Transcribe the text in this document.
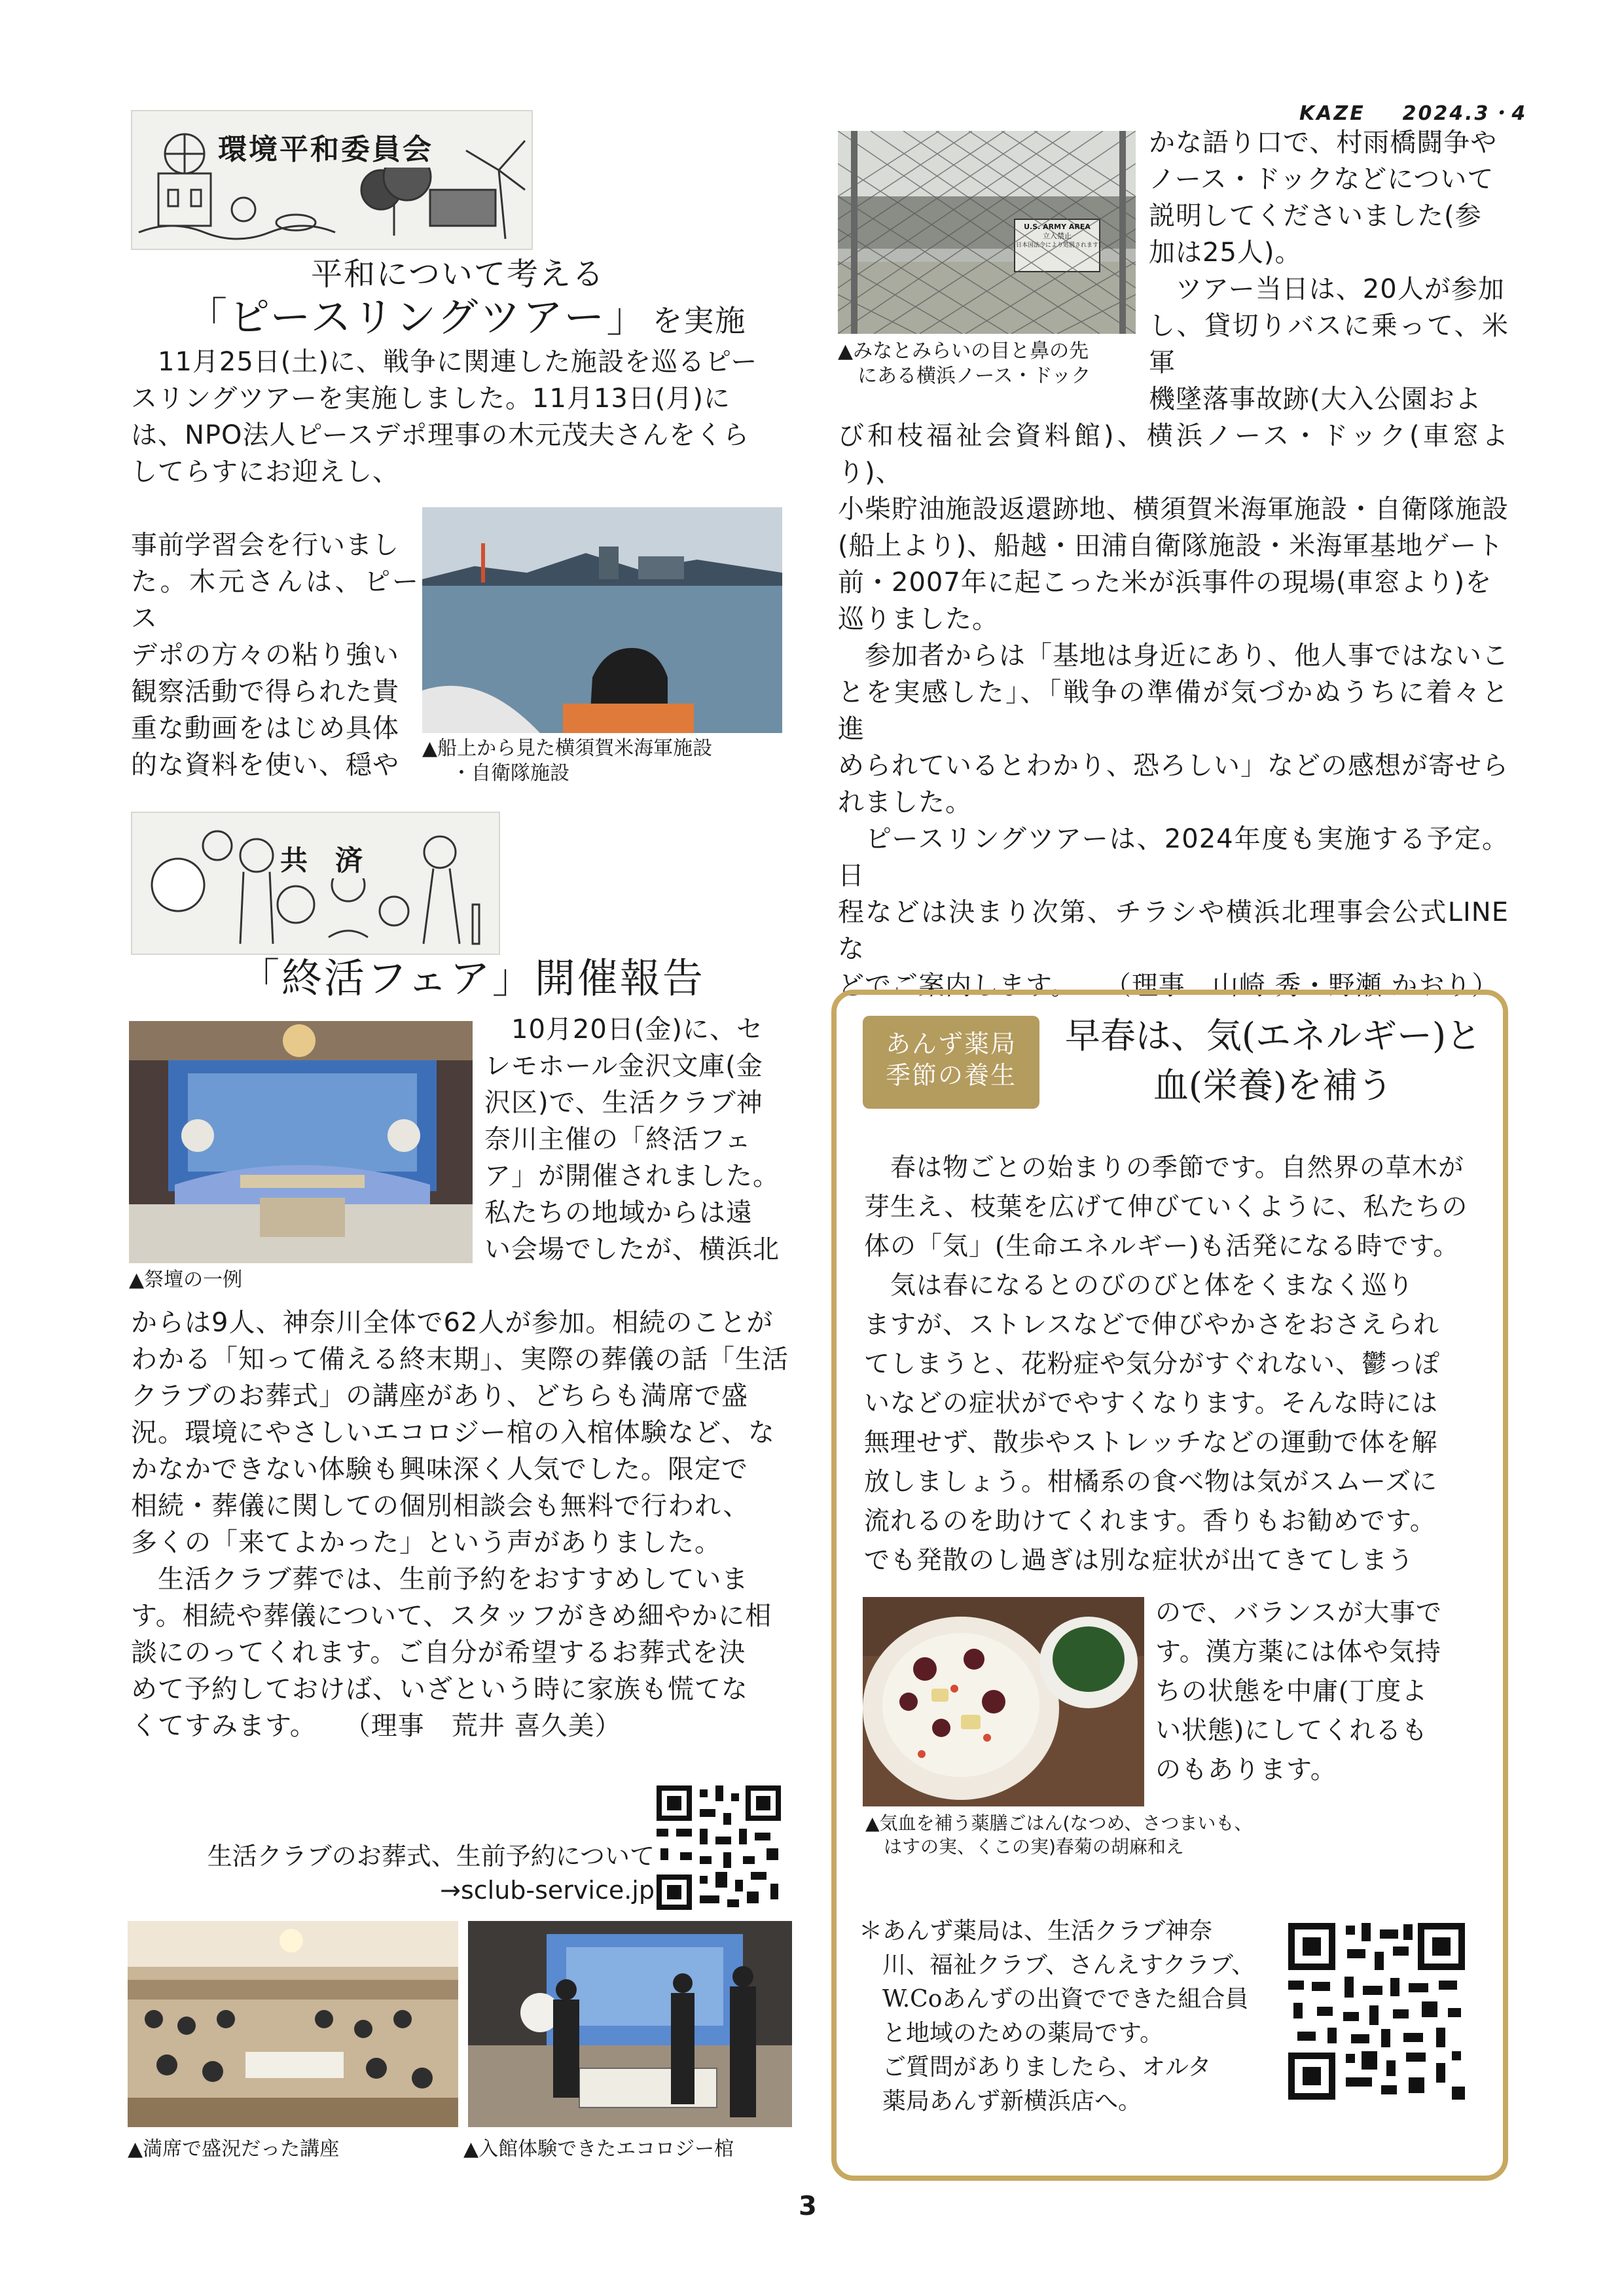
KAZE 2024.3・4
環境平和委員会
平和について考える
「ピースリングツアー」 を実施
　11月25日(土)に、戦争に関連した施設を巡るピー
スリングツアーを実施しました。11月13日(月)に
は、NPO法人ピースデポ理事の木元茂夫さんをくら
してらすにお迎えし、
事前学習会を行いまし
た。木元さんは、ピース
デポの方々の粘り強い
観察活動で得られた貴
重な動画をはじめ具体
的な資料を使い、穏や
▲船上から見た横須賀米海軍施設
・自衛隊施設
U.S. ARMY AREA
立入禁止
日本国法令により処罰されます
▲みなとみらいの目と鼻の先
にある横浜ノース・ドック
かな語り口で、村雨橋闘争や
ノース・ドックなどについて
説明してくださいました(参
加は25人)。
　ツアー当日は、20人が参加
し、貸切りバスに乗って、米軍
機墜落事故跡(大入公園およ
び和枝福祉会資料館)、横浜ノース・ドック(車窓より)、
小柴貯油施設返還跡地、横須賀米海軍施設・自衛隊施設
(船上より)、船越・田浦自衛隊施設・米海軍基地ゲート
前・2007年に起こった米が浜事件の現場(車窓より)を
巡りました。
　参加者からは「基地は身近にあり、他人事ではないこ
とを実感した」、「戦争の準備が気づかぬうちに着々と進
められているとわかり、恐ろしい」などの感想が寄せら
れました。
　ピースリングツアーは、2024年度も実施する予定。日
程などは決まり次第、チラシや横浜北理事会公式LINEな
どでご案内します。　　（理事　山崎 秀・野瀬 かおり）
共　済
「終活フェア」開催報告
▲祭壇の一例
　10月20日(金)に、セ
レモホール金沢文庫(金
沢区)で、生活クラブ神
奈川主催の「終活フェ
ア」が開催されました。
私たちの地域からは遠
い会場でしたが、横浜北
からは9人、神奈川全体で62人が参加。相続のことが
わかる「知って備える終末期」、実際の葬儀の話「生活
クラブのお葬式」の講座があり、どちらも満席で盛
況。環境にやさしいエコロジー棺の入棺体験など、な
かなかできない体験も興味深く人気でした。限定で
相続・葬儀に関しての個別相談会も無料で行われ、
多くの「来てよかった」という声がありました。
　生活クラブ葬では、生前予約をおすすめしていま
す。相続や葬儀について、スタッフがきめ細やかに相
談にのってくれます。ご自分が希望するお葬式を決
めて予約しておけば、いざという時に家族も慌てな
くてすみます。　　（理事　荒井 喜久美）
生活クラブのお葬式、生前予約について
→sclub-service.jp
▲満席で盛況だった講座	▲入館体験できたエコロジー棺
あんず薬局
季節の養生
早春は、気(エネルギー)と
血(栄養)を補う
　春は物ごとの始まりの季節です。自然界の草木が
芽生え、枝葉を広げて伸びていくように、私たちの
体の「気」(生命エネルギー)も活発になる時です。
　気は春になるとのびのびと体をくまなく巡り
ますが、ストレスなどで伸びやかさをおさえられ
てしまうと、花粉症や気分がすぐれない、鬱っぽ
いなどの症状がでやすくなります。そんな時には
無理せず、散歩やストレッチなどの運動で体を解
放しましょう。柑橘系の食べ物は気がスムーズに
流れるのを助けてくれます。香りもお勧めです。
でも発散のし過ぎは別な症状が出てきてしまう
▲気血を補う薬膳ごはん(なつめ、さつまいも、
はすの実、くこの実)春菊の胡麻和え
ので、バランスが大事で
す。漢方薬には体や気持
ちの状態を中庸(丁度よ
い状態)にしてくれるも
のもあります。
＊あんず薬局は、生活クラブ神奈
川、福祉クラブ、さんえすクラブ、
W.Coあんずの出資でできた組合員
と地域のための薬局です。
ご質問がありましたら、オルタ
薬局あんず新横浜店へ。
3
